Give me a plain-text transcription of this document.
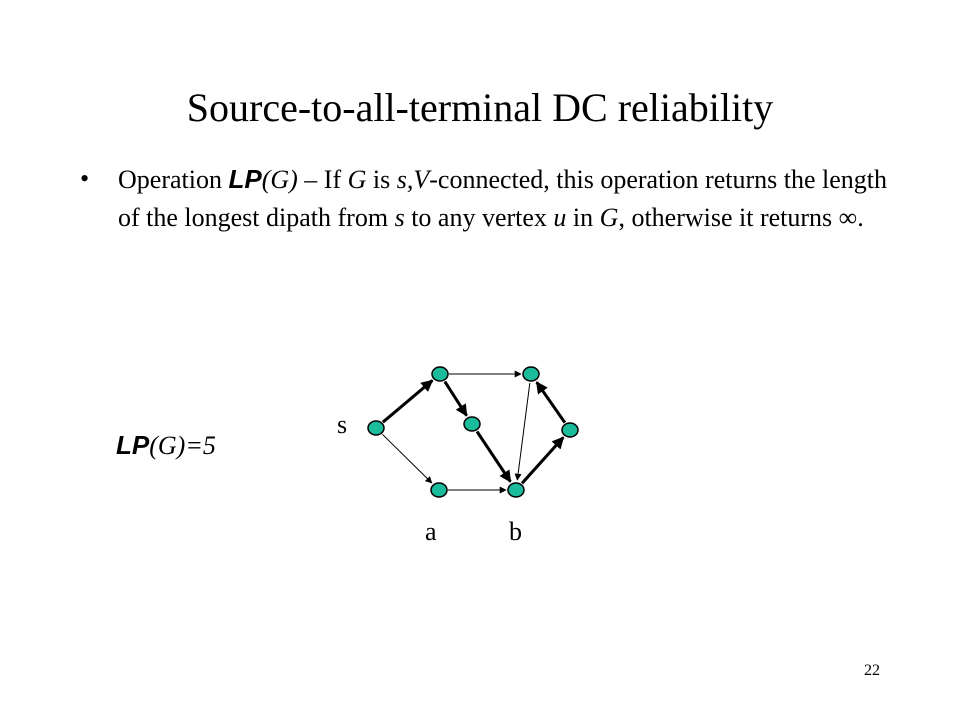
Source-to-all-terminal DC reliability
• Operation LP(G) – If G is s,V-connected, this operation returns the length of the longest dipath from s to any vertex u in G, otherwise it returns ∞.
LP(G)=5
s
a	b
22
